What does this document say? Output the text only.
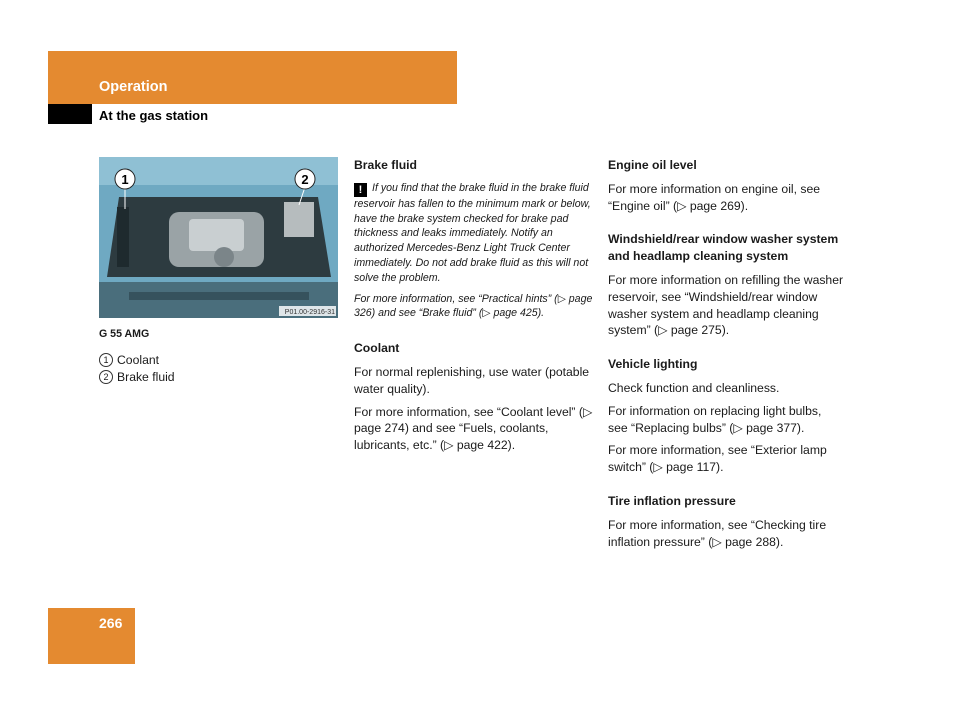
Operation
At the gas station
1	2
P01.00-2916-31
G 55 AMG
1 Coolant
2 Brake fluid
Brake fluid
! If you find that the brake fluid in the brake fluid reservoir has fallen to the minimum mark or below, have the brake system checked for brake pad thickness and leaks immediately. Notify an authorized Mercedes-Benz Light Truck Center immediately. Do not add brake fluid as this will not solve the problem.
For more information, see “Practical hints” (▷ page 326) and see “Brake fluid” (▷ page 425).
Coolant
For normal replenishing, use water (potable water quality).
For more information, see “Coolant level” (▷ page 274) and see “Fuels, coolants, lubricants, etc.” (▷ page 422).
Engine oil level
For more information on engine oil, see “Engine oil” (▷ page 269).
Windshield/rear window washer system and headlamp cleaning system
For more information on refilling the washer reservoir, see “Windshield/rear window washer system and headlamp cleaning system” (▷ page 275).
Vehicle lighting
Check function and cleanliness.
For information on replacing light bulbs, see “Replacing bulbs” (▷ page 377).
For more information, see “Exterior lamp switch” (▷ page 117).
Tire inflation pressure
For more information, see “Checking tire inflation pressure” (▷ page 288).
266
